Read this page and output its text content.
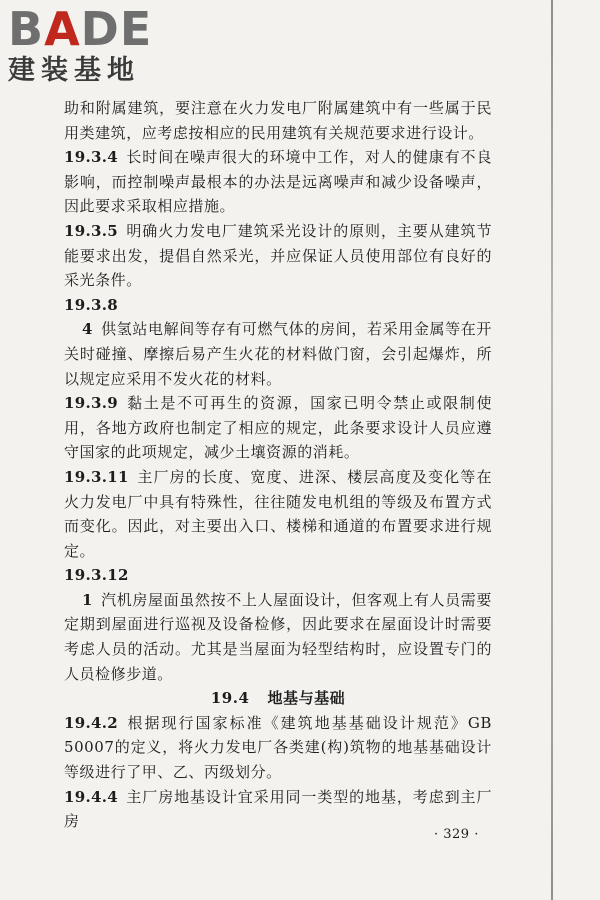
BADE
建装基地

助和附属建筑，要注意在火力发电厂附属建筑中有一些属于民用类建筑，应考虑按相应的民用建筑有关规范要求进行设计。

19.3.4 长时间在噪声很大的环境中工作，对人的健康有不良影响，而控制噪声最根本的办法是远离噪声和减少设备噪声，因此要求采取相应措施。

19.3.5 明确火力发电厂建筑采光设计的原则，主要从建筑节能要求出发，提倡自然采光，并应保证人员使用部位有良好的采光条件。

19.3.8

4 供氢站电解间等存有可燃气体的房间，若采用金属等在开关时碰撞、摩擦后易产生火花的材料做门窗，会引起爆炸，所以规定应采用不发火花的材料。

19.3.9 黏土是不可再生的资源，国家已明令禁止或限制使用，各地方政府也制定了相应的规定，此条要求设计人员应遵守国家的此项规定，减少土壤资源的消耗。

19.3.11 主厂房的长度、宽度、进深、楼层高度及变化等在火力发电厂中具有特殊性，往往随发电机组的等级及布置方式而变化。因此，对主要出入口、楼梯和通道的布置要求进行规定。

19.3.12

1 汽机房屋面虽然按不上人屋面设计，但客观上有人员需要定期到屋面进行巡视及设备检修，因此要求在屋面设计时需要考虑人员的活动。尤其是当屋面为轻型结构时，应设置专门的人员检修步道。

19.4 地基与基础

19.4.2 根据现行国家标准《建筑地基基础设计规范》GB 50007的定义，将火力发电厂各类建(构)筑物的地基基础设计等级进行了甲、乙、丙级划分。

19.4.4 主厂房地基设计宜采用同一类型的地基，考虑到主厂房

· 329 ·
